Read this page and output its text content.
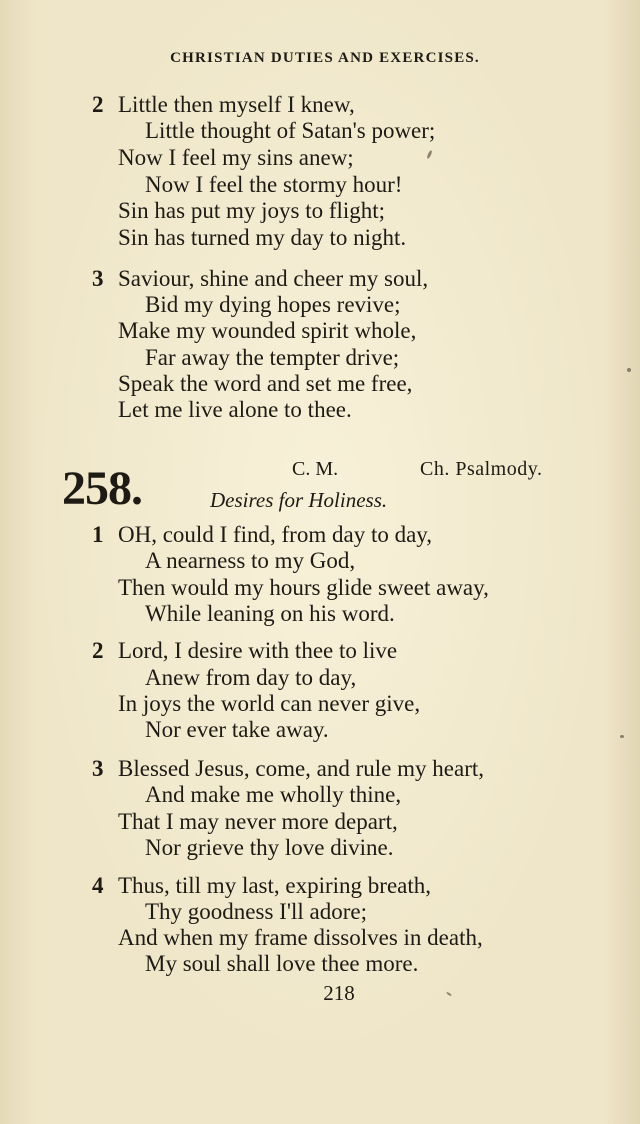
CHRISTIAN DUTIES AND EXERCISES.
2 Little then myself I knew,
Little thought of Satan's power;
Now I feel my sins anew;
Now I feel the stormy hour!
Sin has put my joys to flight;
Sin has turned my day to night.
3 Saviour, shine and cheer my soul,
Bid my dying hopes revive;
Make my wounded spirit whole,
Far away the tempter drive;
Speak the word and set me free,
Let me live alone to thee.
258.	C. M.	Ch. Psalmody.
Desires for Holiness.
1 OH, could I find, from day to day,
A nearness to my God,
Then would my hours glide sweet away,
While leaning on his word.
2 Lord, I desire with thee to live
Anew from day to day,
In joys the world can never give,
Nor ever take away.
3 Blessed Jesus, come, and rule my heart,
And make me wholly thine,
That I may never more depart,
Nor grieve thy love divine.
4 Thus, till my last, expiring breath,
Thy goodness I'll adore;
And when my frame dissolves in death,
My soul shall love thee more.
218
